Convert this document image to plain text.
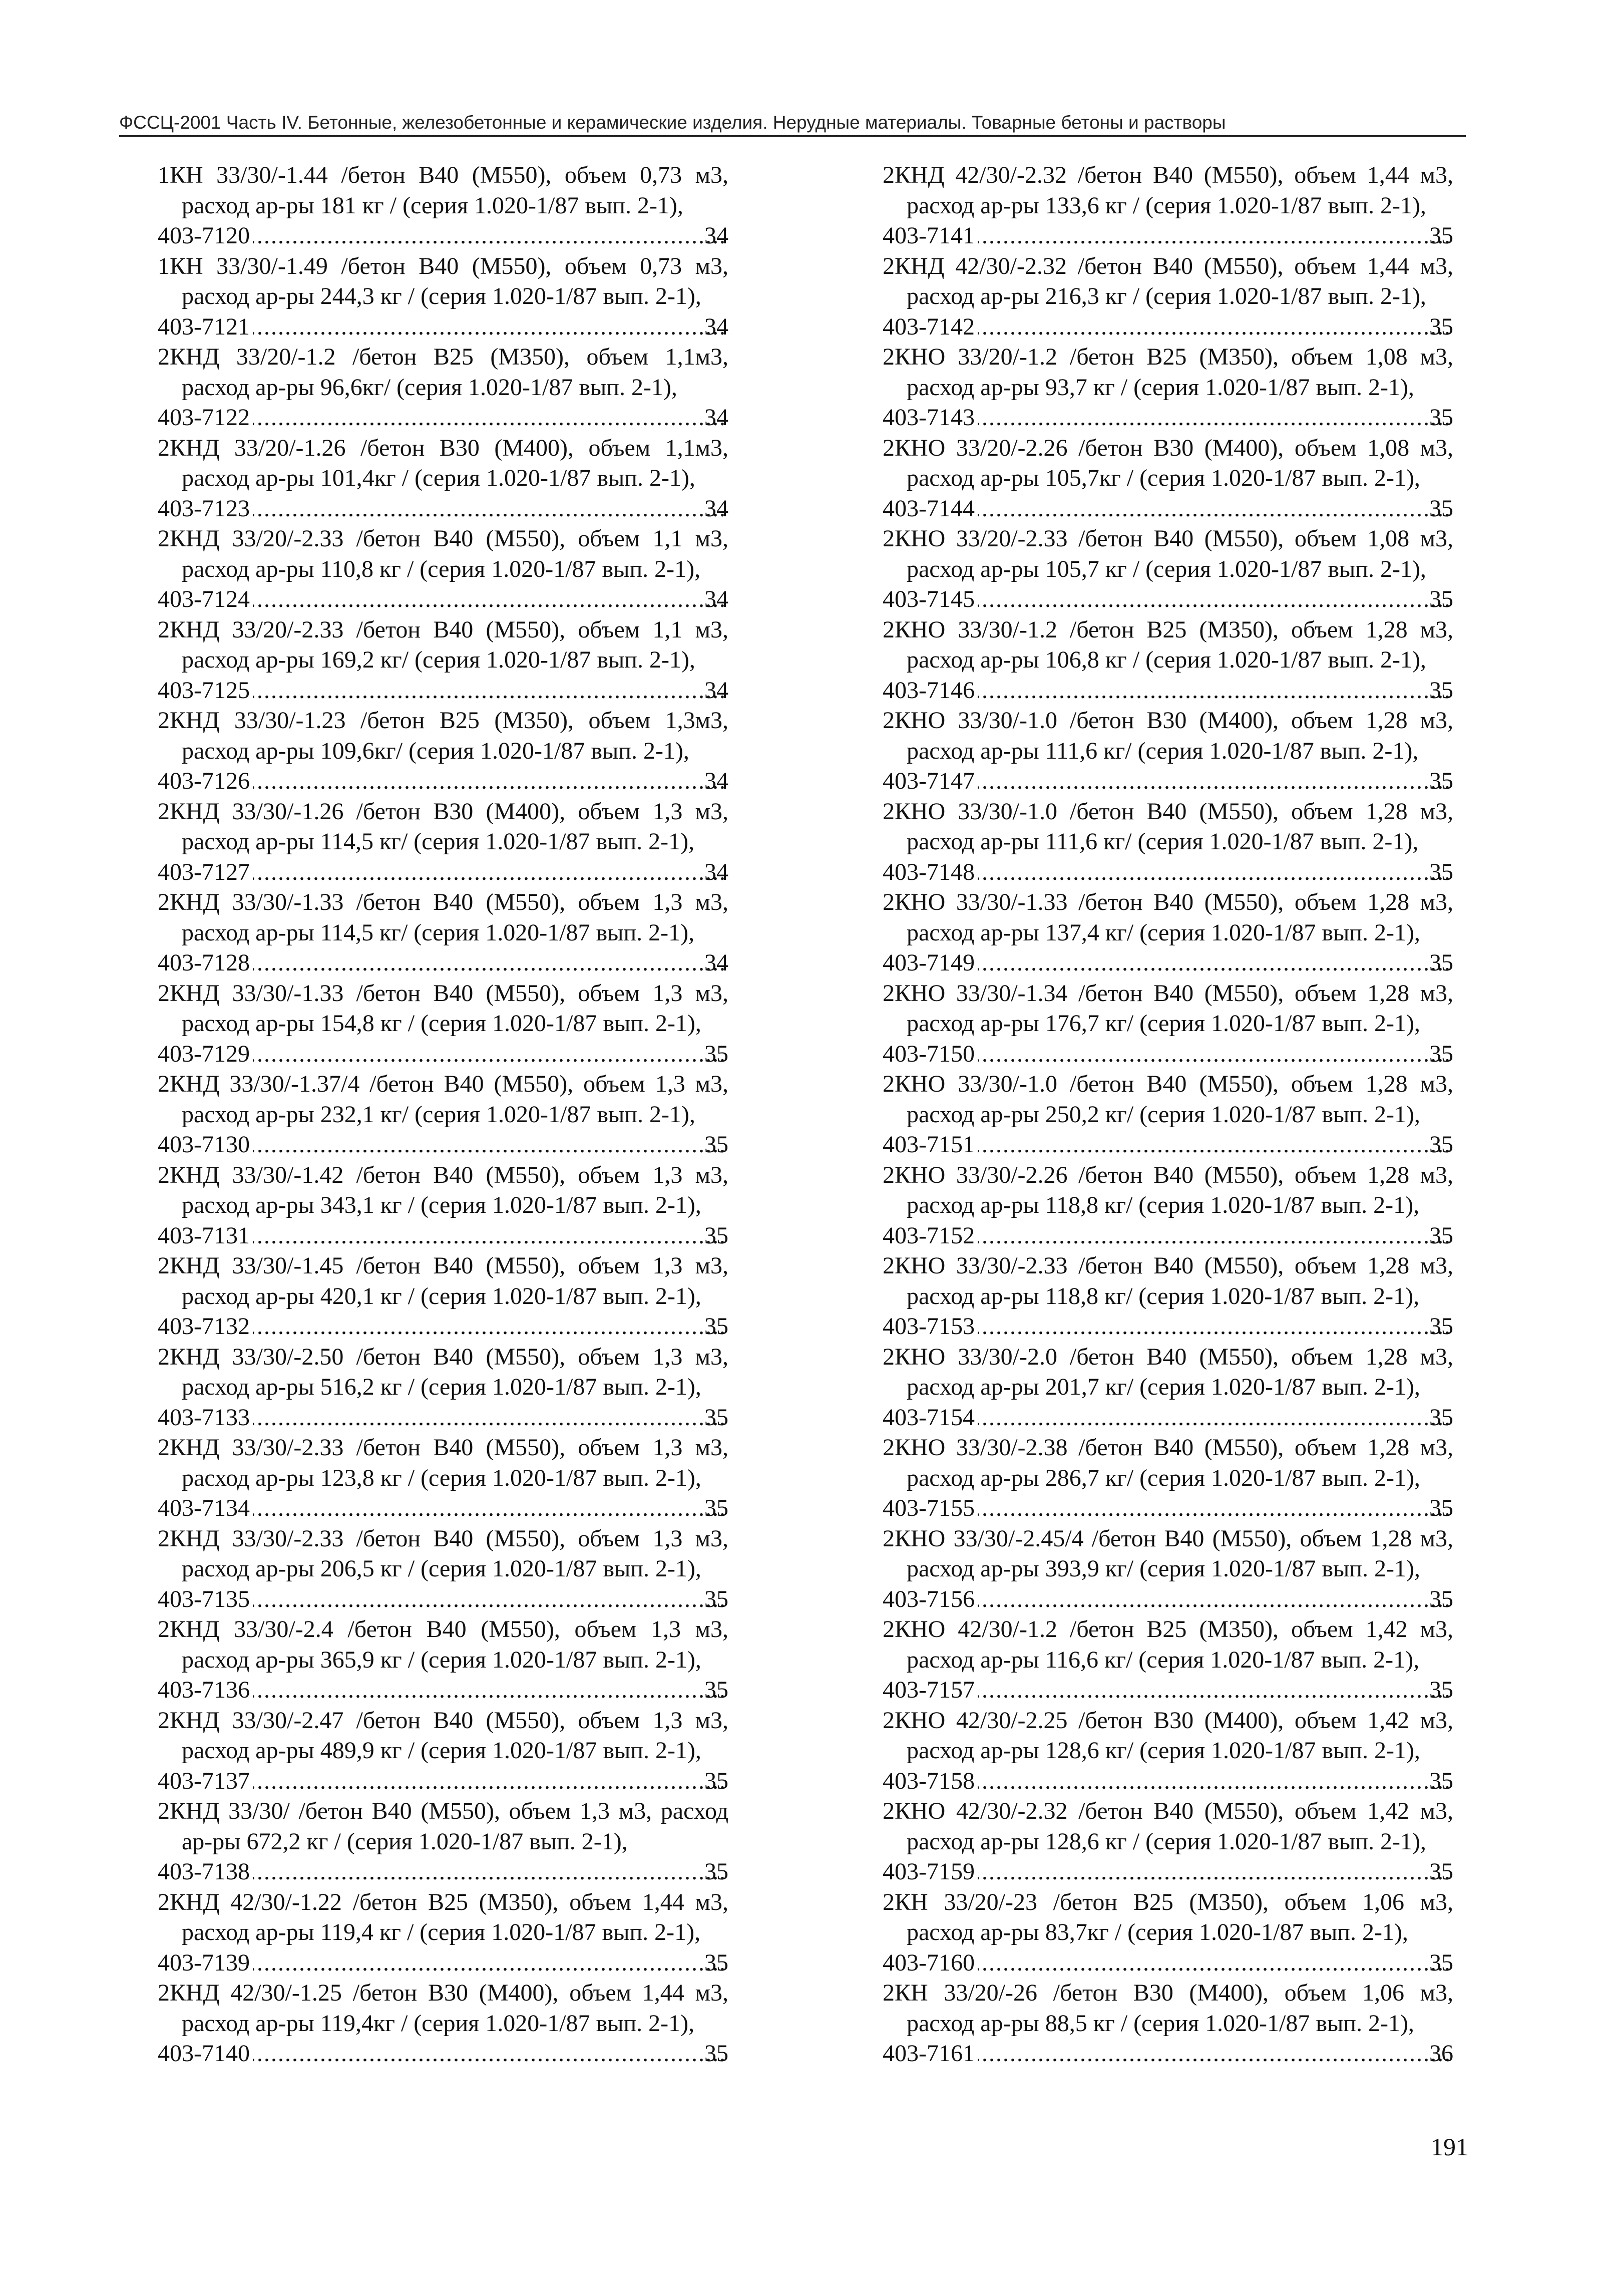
ФССЦ-2001 Часть IV. Бетонные, железобетонные и керамические изделия. Нерудные материалы. Товарные бетоны и растворы
1КН 33/30/-1.44 /бетон В40 (М550), объем 0,73 м3, расход ар-ры 181 кг / (серия 1.020-1/87 вып. 2-1),
403-7120 .....	34
1КН 33/30/-1.49 /бетон В40 (М550), объем 0,73 м3, расход ар-ры 244,3 кг / (серия 1.020-1/87 вып. 2-1),
403-7121 .....	34
2КНД 33/20/-1.2 /бетон В25 (М350), объем 1,1м3, расход ар-ры 96,6кг/ (серия 1.020-1/87 вып. 2-1),
403-7122 .....	34
2КНД 33/20/-1.26 /бетон В30 (М400), объем 1,1м3, расход ар-ры 101,4кг / (серия 1.020-1/87 вып. 2-1),
403-7123 .....	34
2КНД 33/20/-2.33 /бетон В40 (М550), объем 1,1 м3, расход ар-ры 110,8 кг / (серия 1.020-1/87 вып. 2-1),
403-7124 .....	34
2КНД 33/20/-2.33 /бетон В40 (М550), объем 1,1 м3, расход ар-ры 169,2 кг/ (серия 1.020-1/87 вып. 2-1),
403-7125 .....	34
2КНД 33/30/-1.23 /бетон В25 (М350), объем 1,3м3, расход ар-ры 109,6кг/ (серия 1.020-1/87 вып. 2-1),
403-7126 .....	34
2КНД 33/30/-1.26 /бетон В30 (М400), объем 1,3 м3, расход ар-ры 114,5 кг/ (серия 1.020-1/87 вып. 2-1),
403-7127 .....	34
2КНД 33/30/-1.33 /бетон В40 (М550), объем 1,3 м3, расход ар-ры 114,5 кг/ (серия 1.020-1/87 вып. 2-1),
403-7128 .....	34
2КНД 33/30/-1.33 /бетон В40 (М550), объем 1,3 м3, расход ар-ры 154,8 кг / (серия 1.020-1/87 вып. 2-1),
403-7129 .....	35
2КНД 33/30/-1.37/4 /бетон В40 (М550), объем 1,3 м3, расход ар-ры 232,1 кг/ (серия 1.020-1/87 вып. 2-1),
403-7130 .....	35
2КНД 33/30/-1.42 /бетон В40 (М550), объем 1,3 м3, расход ар-ры 343,1 кг / (серия 1.020-1/87 вып. 2-1),
403-7131 .....	35
2КНД 33/30/-1.45 /бетон В40 (М550), объем 1,3 м3, расход ар-ры 420,1 кг / (серия 1.020-1/87 вып. 2-1),
403-7132 .....	35
2КНД 33/30/-2.50 /бетон В40 (М550), объем 1,3 м3, расход ар-ры 516,2 кг / (серия 1.020-1/87 вып. 2-1),
403-7133 .....	35
2КНД 33/30/-2.33 /бетон В40 (М550), объем 1,3 м3, расход ар-ры 123,8 кг / (серия 1.020-1/87 вып. 2-1),
403-7134 .....	35
2КНД 33/30/-2.33 /бетон В40 (М550), объем 1,3 м3, расход ар-ры 206,5 кг / (серия 1.020-1/87 вып. 2-1),
403-7135 .....	35
2КНД 33/30/-2.4 /бетон В40 (М550), объем 1,3 м3, расход ар-ры 365,9 кг / (серия 1.020-1/87 вып. 2-1),
403-7136 .....	35
2КНД 33/30/-2.47 /бетон В40 (М550), объем 1,3 м3, расход ар-ры 489,9 кг / (серия 1.020-1/87 вып. 2-1),
403-7137 .....	35
2КНД 33/30/ /бетон В40 (М550), объем 1,3 м3, расход ар-ры 672,2 кг / (серия 1.020-1/87 вып. 2-1),
403-7138 .....	35
2КНД 42/30/-1.22 /бетон В25 (М350), объем 1,44 м3, расход ар-ры 119,4 кг / (серия 1.020-1/87 вып. 2-1),
403-7139 .....	35
2КНД 42/30/-1.25 /бетон В30 (М400), объем 1,44 м3, расход ар-ры 119,4кг / (серия 1.020-1/87 вып. 2-1),
403-7140 .....	35
2КНД 42/30/-2.32 /бетон В40 (М550), объем 1,44 м3, расход ар-ры 133,6 кг / (серия 1.020-1/87 вып. 2-1),
403-7141 .....	35
2КНД 42/30/-2.32 /бетон В40 (М550), объем 1,44 м3, расход ар-ры 216,3 кг / (серия 1.020-1/87 вып. 2-1),
403-7142 .....	35
2КНО 33/20/-1.2 /бетон В25 (М350), объем 1,08 м3, расход ар-ры 93,7 кг / (серия 1.020-1/87 вып. 2-1),
403-7143 .....	35
2КНО 33/20/-2.26 /бетон В30 (М400), объем 1,08 м3, расход ар-ры 105,7кг / (серия 1.020-1/87 вып. 2-1),
403-7144 .....	35
2КНО 33/20/-2.33 /бетон В40 (М550), объем 1,08 м3, расход ар-ры 105,7 кг / (серия 1.020-1/87 вып. 2-1),
403-7145 .....	35
2КНО 33/30/-1.2 /бетон В25 (М350), объем 1,28 м3, расход ар-ры 106,8 кг / (серия 1.020-1/87 вып. 2-1),
403-7146 .....	35
2КНО 33/30/-1.0 /бетон В30 (М400), объем 1,28 м3, расход ар-ры 111,6 кг/ (серия 1.020-1/87 вып. 2-1),
403-7147 .....	35
2КНО 33/30/-1.0 /бетон В40 (М550), объем 1,28 м3, расход ар-ры 111,6 кг/ (серия 1.020-1/87 вып. 2-1),
403-7148 .....	35
2КНО 33/30/-1.33 /бетон В40 (М550), объем 1,28 м3, расход ар-ры 137,4 кг/ (серия 1.020-1/87 вып. 2-1),
403-7149 .....	35
2КНО 33/30/-1.34 /бетон В40 (М550), объем 1,28 м3, расход ар-ры 176,7 кг/ (серия 1.020-1/87 вып. 2-1),
403-7150 .....	35
2КНО 33/30/-1.0 /бетон В40 (М550), объем 1,28 м3, расход ар-ры 250,2 кг/ (серия 1.020-1/87 вып. 2-1),
403-7151 .....	35
2КНО 33/30/-2.26 /бетон В40 (М550), объем 1,28 м3, расход ар-ры 118,8 кг/ (серия 1.020-1/87 вып. 2-1),
403-7152 .....	35
2КНО 33/30/-2.33 /бетон В40 (М550), объем 1,28 м3, расход ар-ры 118,8 кг/ (серия 1.020-1/87 вып. 2-1),
403-7153 .....	35
2КНО 33/30/-2.0 /бетон В40 (М550), объем 1,28 м3, расход ар-ры 201,7 кг/ (серия 1.020-1/87 вып. 2-1),
403-7154 .....	35
2КНО 33/30/-2.38 /бетон В40 (М550), объем 1,28 м3, расход ар-ры 286,7 кг/ (серия 1.020-1/87 вып. 2-1),
403-7155 .....	35
2КНО 33/30/-2.45/4 /бетон В40 (М550), объем 1,28 м3, расход ар-ры 393,9 кг/ (серия 1.020-1/87 вып. 2-1),
403-7156 .....	35
2КНО 42/30/-1.2 /бетон В25 (М350), объем 1,42 м3, расход ар-ры 116,6 кг/ (серия 1.020-1/87 вып. 2-1),
403-7157 .....	35
2КНО 42/30/-2.25 /бетон В30 (М400), объем 1,42 м3, расход ар-ры 128,6 кг/ (серия 1.020-1/87 вып. 2-1),
403-7158 .....	35
2КНО 42/30/-2.32 /бетон В40 (М550), объем 1,42 м3, расход ар-ры 128,6 кг / (серия 1.020-1/87 вып. 2-1),
403-7159 .....	35
2КН 33/20/-23 /бетон В25 (М350), объем 1,06 м3, расход ар-ры 83,7кг / (серия 1.020-1/87 вып. 2-1),
403-7160 .....	35
2КН 33/20/-26 /бетон В30 (М400), объем 1,06 м3, расход ар-ры 88,5 кг / (серия 1.020-1/87 вып. 2-1),
403-7161 .....	36
191
